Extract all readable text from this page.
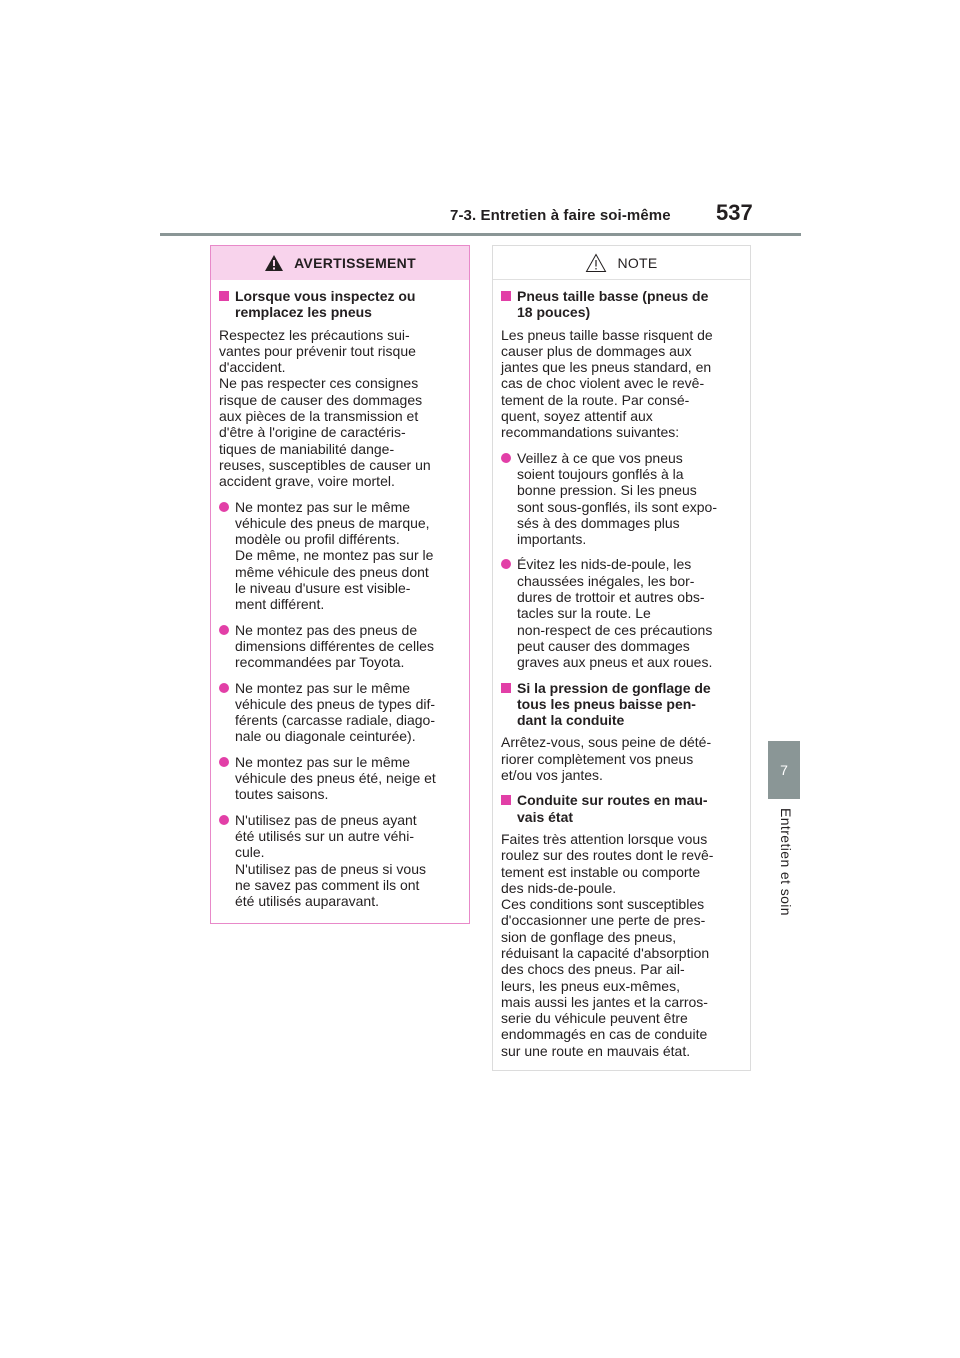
7-3. Entretien à faire soi-même 537
7
Entretien et soin
AVERTISSEMENT
Lorsque vous inspectez ou
remplacez les pneus
Respectez les précautions sui-
vantes pour prévenir tout risque
d'accident.
Ne pas respecter ces consignes
risque de causer des dommages
aux pièces de la transmission et
d'être à l'origine de caractéris-
tiques de maniabilité dange-
reuses, susceptibles de causer un
accident grave, voire mortel.
Ne montez pas sur le même
véhicule des pneus de marque,
modèle ou profil différents.
De même, ne montez pas sur le
même véhicule des pneus dont
le niveau d'usure est visible-
ment différent.
Ne montez pas des pneus de
dimensions différentes de celles
recommandées par Toyota.
Ne montez pas sur le même
véhicule des pneus de types dif-
férents (carcasse radiale, diago-
nale ou diagonale ceinturée).
Ne montez pas sur le même
véhicule des pneus été, neige et
toutes saisons.
N'utilisez pas de pneus ayant
été utilisés sur un autre véhi-
cule.
N'utilisez pas de pneus si vous
ne savez pas comment ils ont
été utilisés auparavant.
NOTE
Pneus taille basse (pneus de
18 pouces)
Les pneus taille basse risquent de
causer plus de dommages aux
jantes que les pneus standard, en
cas de choc violent avec le revê-
tement de la route. Par consé-
quent, soyez attentif aux
recommandations suivantes:
Veillez à ce que vos pneus
soient toujours gonflés à la
bonne pression. Si les pneus
sont sous-gonflés, ils sont expo-
sés à des dommages plus
importants.
Évitez les nids-de-poule, les
chaussées inégales, les bor-
dures de trottoir et autres obs-
tacles sur la route. Le
non-respect de ces précautions
peut causer des dommages
graves aux pneus et aux roues.
Si la pression de gonflage de
tous les pneus baisse pen-
dant la conduite
Arrêtez-vous, sous peine de dété-
riorer complètement vos pneus
et/ou vos jantes.
Conduite sur routes en mau-
vais état
Faites très attention lorsque vous
roulez sur des routes dont le revê-
tement est instable ou comporte
des nids-de-poule.
Ces conditions sont susceptibles
d'occasionner une perte de pres-
sion de gonflage des pneus,
réduisant la capacité d'absorption
des chocs des pneus. Par ail-
leurs, les pneus eux-mêmes,
mais aussi les jantes et la carros-
serie du véhicule peuvent être
endommagés en cas de conduite
sur une route en mauvais état.
